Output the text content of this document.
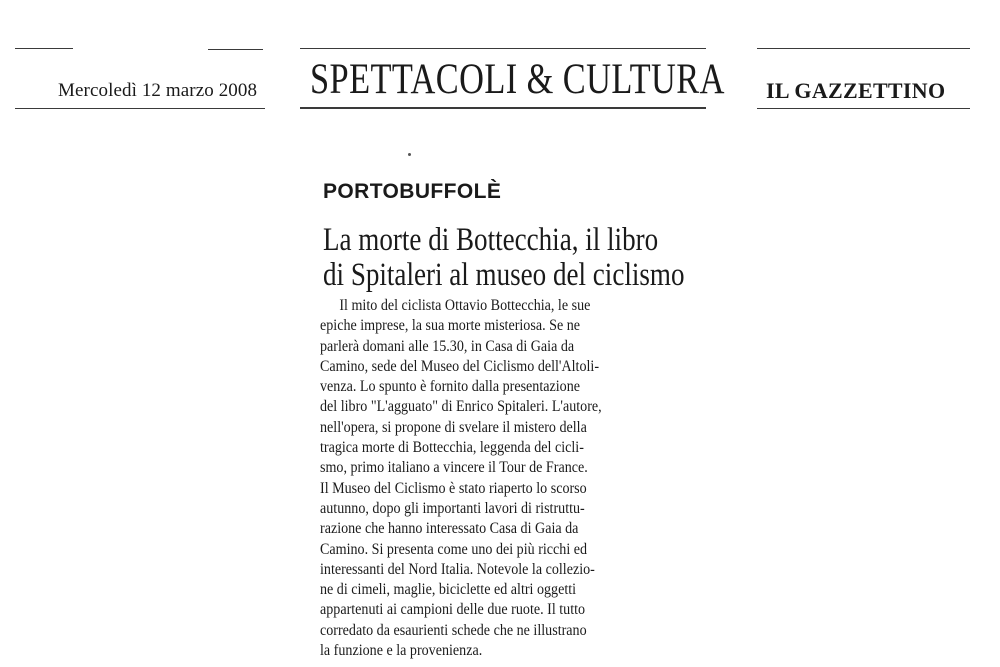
Mercoledì 12 marzo 2008 SPETTACOLI & CULTURA IL GAZZETTINO
PORTOBUFFOLÈ
La morte di Bottecchia, il libro
di Spitaleri al museo del ciclismo
Il mito del ciclista Ottavio Bottecchia, le sue
epiche imprese, la sua morte misteriosa. Se ne
parlerà domani alle 15.30, in Casa di Gaia da
Camino, sede del Museo del Ciclismo dell'Altoli-
venza. Lo spunto è fornito dalla presentazione
del libro "L'agguato" di Enrico Spitaleri. L'autore,
nell'opera, si propone di svelare il mistero della
tragica morte di Bottecchia, leggenda del cicli-
smo, primo italiano a vincere il Tour de France.
Il Museo del Ciclismo è stato riaperto lo scorso
autunno, dopo gli importanti lavori di ristruttu-
razione che hanno interessato Casa di Gaia da
Camino. Si presenta come uno dei più ricchi ed
interessanti del Nord Italia. Notevole la collezio-
ne di cimeli, maglie, biciclette ed altri oggetti
appartenuti ai campioni delle due ruote. Il tutto
corredato da esaurienti schede che ne illustrano
la funzione e la provenienza.
